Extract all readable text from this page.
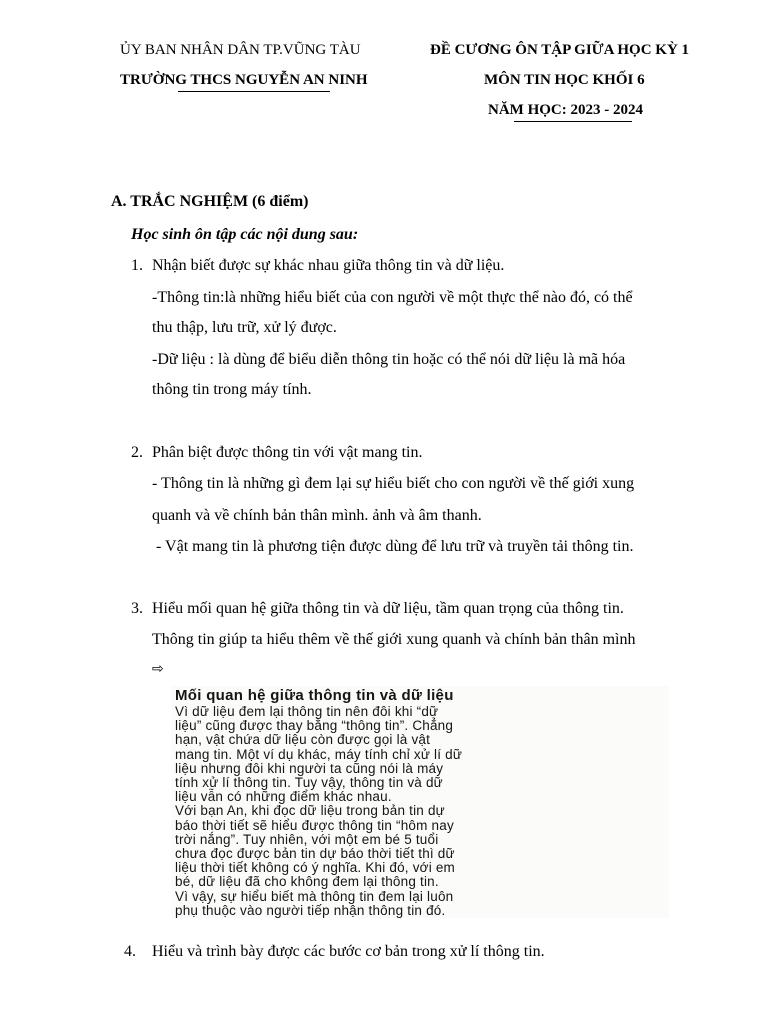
ỦY BAN NHÂN DÂN TP.VŨNG TÀU
TRƯỜNG THCS NGUYỄN AN NINH
ĐỀ CƯƠNG ÔN TẬP GIỮA HỌC KỲ 1
MÔN TIN HỌC KHỐI 6
NĂM HỌC: 2023 - 2024
A. TRẮC NGHIỆM (6 điểm)
Học sinh ôn tập các nội dung sau:
1. Nhận biết được sự khác nhau giữa thông tin và dữ liệu.
-Thông tin:là những hiểu biết của con người về một thực thể nào đó, có thể
thu thập, lưu trữ, xử lý được.
-Dữ liệu : là dùng để biểu diễn thông tin hoặc có thể nói dữ liệu là mã hóa
thông tin trong máy tính.
2. Phân biệt được thông tin với vật mang tin.
- Thông tin là những gì đem lại sự hiểu biết cho con người về thế giới xung
quanh và về chính bản thân mình. ảnh và âm thanh.
- Vật mang tin là phương tiện được dùng để lưu trữ và truyền tải thông tin.
3. Hiểu mối quan hệ giữa thông tin và dữ liệu, tầm quan trọng của thông tin.
Thông tin giúp ta hiểu thêm về thế giới xung quanh và chính bản thân mình
⇨
Mối quan hệ giữa thông tin và dữ liệu
Vì dữ liệu đem lại thông tin nên đôi khi “dữ
liệu” cũng được thay bằng “thông tin”. Chẳng
hạn, vật chứa dữ liệu còn được gọi là vật
mang tin. Một ví dụ khác, máy tính chỉ xử lí dữ
liệu nhưng đôi khi người ta cũng nói là máy
tính xử lí thông tin. Tuy vậy, thông tin và dữ
liệu vẫn có những điểm khác nhau.
Với bạn An, khi đọc dữ liệu trong bản tin dự
báo thời tiết sẽ hiểu được thông tin “hôm nay
trời nắng”. Tuy nhiên, với một em bé 5 tuổi
chưa đọc được bản tin dự báo thời tiết thì dữ
liệu thời tiết không có ý nghĩa. Khi đó, với em
bé, dữ liệu đã cho không đem lại thông tin.
Vì vậy, sự hiểu biết mà thông tin đem lại luôn
phụ thuộc vào người tiếp nhận thông tin đó.
4. Hiểu và trình bày được các bước cơ bản trong xử lí thông tin.
